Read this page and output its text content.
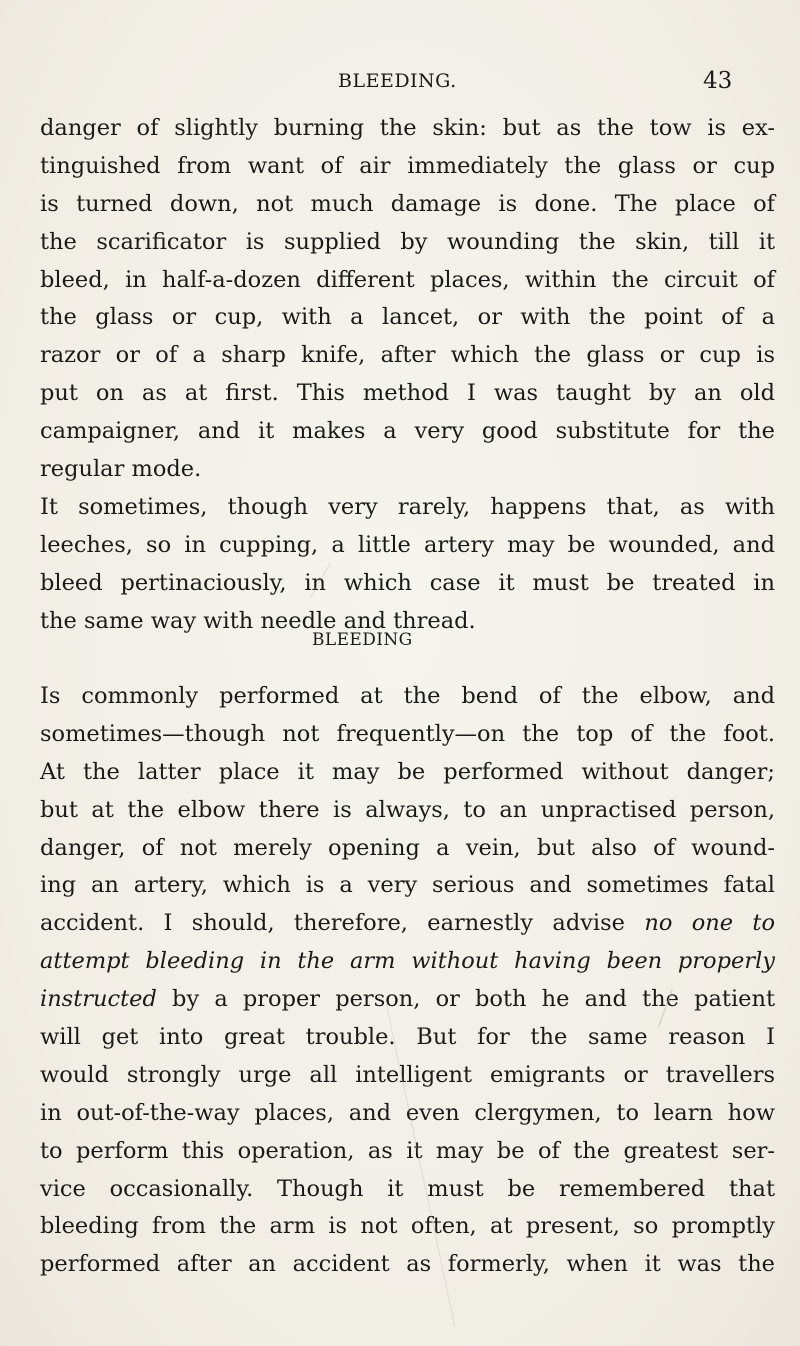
BLEEDING.	43
danger of slightly burning the skin: but as the tow is ex-
tinguished from want of air immediately the glass or cup
is turned down, not much damage is done. The place of
the scarificator is supplied by wounding the skin, till it
bleed, in half-a-dozen different places, within the circuit of
the glass or cup, with a lancet, or with the point of a
razor or of a sharp knife, after which the glass or cup is
put on as at first. This method I was taught by an old
campaigner, and it makes a very good substitute for the
regular mode.
It sometimes, though very rarely, happens that, as with
leeches, so in cupping, a little artery may be wounded, and
bleed pertinaciously, in which case it must be treated in
the same way with needle and thread.
BLEEDING
Is commonly performed at the bend of the elbow, and
sometimes—though not frequently—on the top of the foot.
At the latter place it may be performed without danger;
but at the elbow there is always, to an unpractised person,
danger, of not merely opening a vein, but also of wound-
ing an artery, which is a very serious and sometimes fatal
accident. I should, therefore, earnestly advise no one to
attempt bleeding in the arm without having been properly
instructed by a proper person, or both he and the patient
will get into great trouble. But for the same reason I
would strongly urge all intelligent emigrants or travellers
in out-of-the-way places, and even clergymen, to learn how
to perform this operation, as it may be of the greatest ser-
vice occasionally. Though it must be remembered that
bleeding from the arm is not often, at present, so promptly
performed after an accident as formerly, when it was the
